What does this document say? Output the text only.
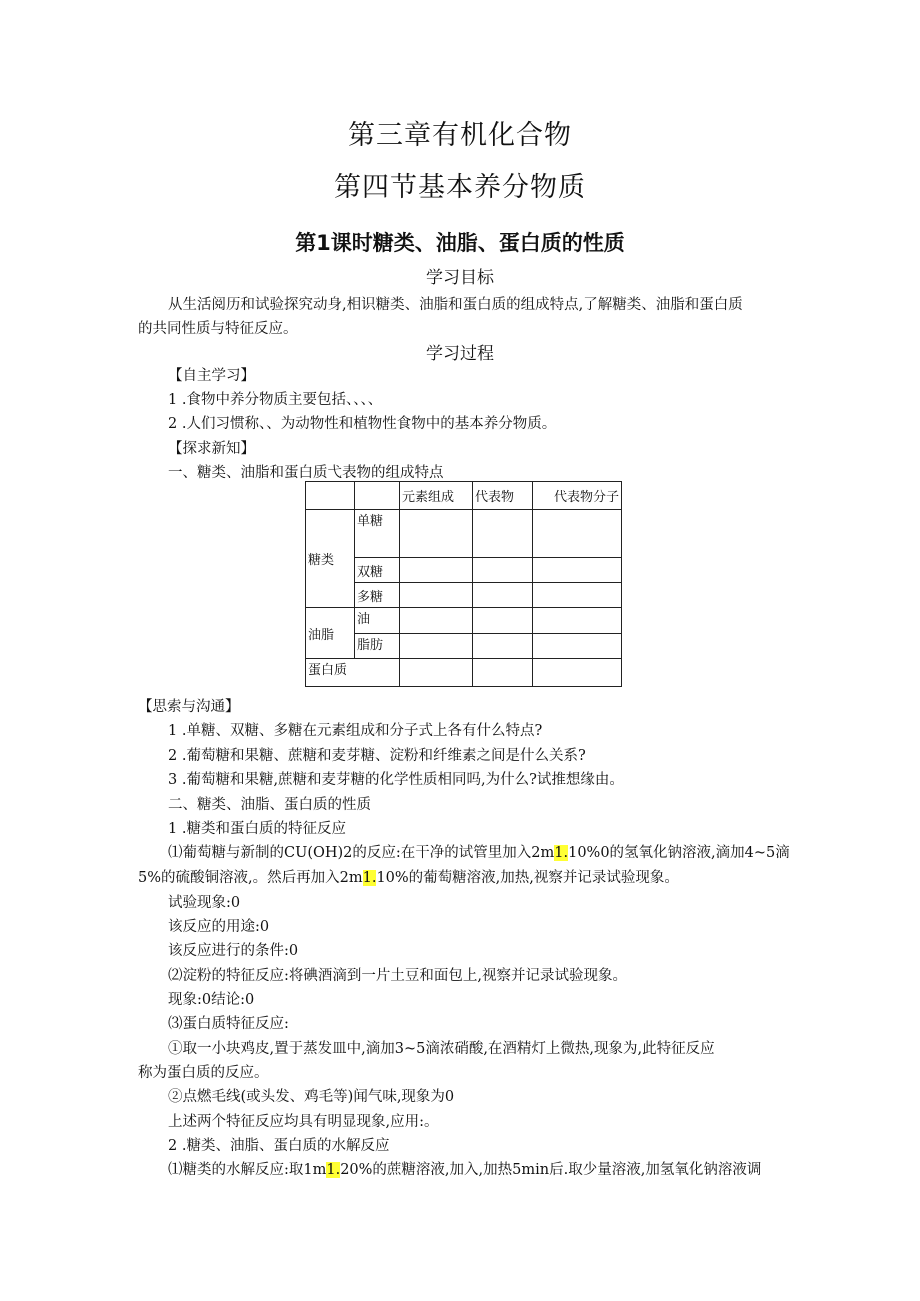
第三章有机化合物
第四节基本养分物质
第1课时糖类、油脂、蛋白质的性质
学习目标
从生活阅历和试验探究动身,相识糖类、油脂和蛋白质的组成特点,了解糖类、油脂和蛋白质
的共同性质与特征反应。
学习过程
【自主学习】
1 .食物中养分物质主要包括、、、、
2 .人们习惯称、、为动物性和植物性食物中的基本养分物质。
【探求新知】
一、糖类、油脂和蛋白质弋表物的组成特点
		元素组成	代表物	代表物分子
糖类	单糖			
	双糖			
	多糖			
油脂	油			
	脂肪			
蛋白质				
【思索与沟通】
1 .单糖、双糖、多糖在元素组成和分子式上各有什么特点?
2 .葡萄糖和果糖、蔗糖和麦芽糖、淀粉和纤维素之间是什么关系?
3 .葡萄糖和果糖,蔗糖和麦芽糖的化学性质相同吗,为什么?试推想缘由。
二、糖类、油脂、蛋白质的性质
1 .糖类和蛋白质的特征反应
⑴葡萄糖与新制的CU(OH)2的反应:在干净的试管里加入2m1.10%0的氢氧化钠溶液,滴加4~5滴
5%的硫酸铜溶液,。然后再加入2m1.10%的葡萄糖溶液,加热,视察并记录试验现象。
试验现象:0
该反应的用途:0
该反应进行的条件:0
⑵淀粉的特征反应:将碘酒滴到一片土豆和面包上,视察并记录试验现象。
现象:0结论:0
⑶蛋白质特征反应:
①取一小块鸡皮,置于蒸发皿中,滴加3~5滴浓硝酸,在酒精灯上微热,现象为,此特征反应
称为蛋白质的反应。
②点燃毛线(或头发、鸡毛等)闻气味,现象为0
上述两个特征反应均具有明显现象,应用:。
2 .糖类、油脂、蛋白质的水解反应
⑴糖类的水解反应:取1m1.20%的蔗糖溶液,加入,加热5min后.取少量溶液,加氢氧化钠溶液调
